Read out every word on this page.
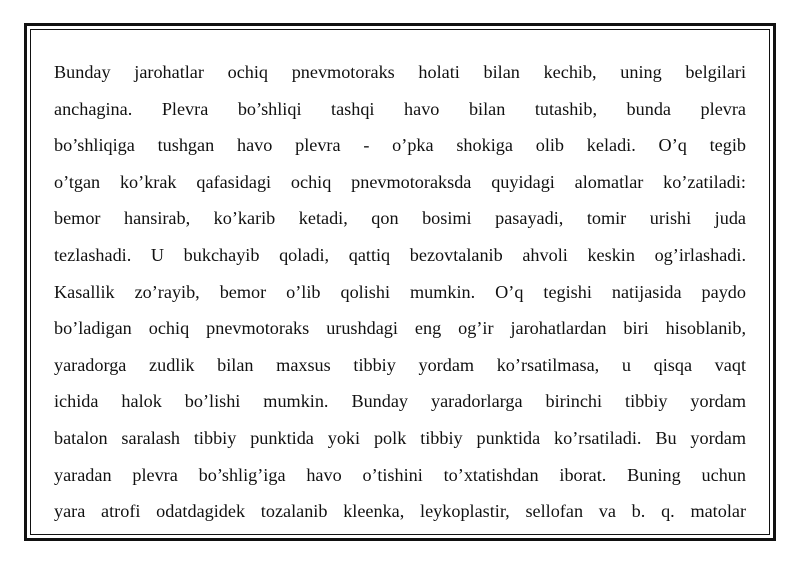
Bunday jarohatlar ochiq pnevmotoraks holati bilan kechib, uning belgilari
anchagina. Plevra bo’shliqi tashqi havo bilan tutashib, bunda plevra
bo’shliqiga tushgan havo plevra - o’pka shokiga olib keladi. O’q tegib
o’tgan ko’krak qafasidagi ochiq pnevmotoraksda quyidagi alomatlar ko’zatiladi:
bemor hansirab, ko’karib ketadi, qon bosimi pasayadi, tomir urishi juda
tezlashadi. U bukchayib qoladi, qattiq bezovtalanib ahvoli keskin og’irlashadi.
Kasallik zo’rayib, bemor o’lib qolishi mumkin. O’q tegishi natijasida paydo
bo’ladigan ochiq pnevmotoraks urushdagi eng og’ir jarohatlardan biri hisoblanib,
yaradorga zudlik bilan maxsus tibbiy yordam ko’rsatilmasa, u qisqa vaqt
ichida halok bo’lishi mumkin. Bunday yaradorlarga birinchi tibbiy yordam
batalon saralash tibbiy punktida yoki polk tibbiy punktida ko’rsatiladi. Bu yordam
yaradan plevra bo’shlig’iga havo o’tishini to’xtatishdan iborat. Buning uchun
yara atrofi odatdagidek tozalanib kleenka, leykoplastir, sellofan va b. q. matolar
